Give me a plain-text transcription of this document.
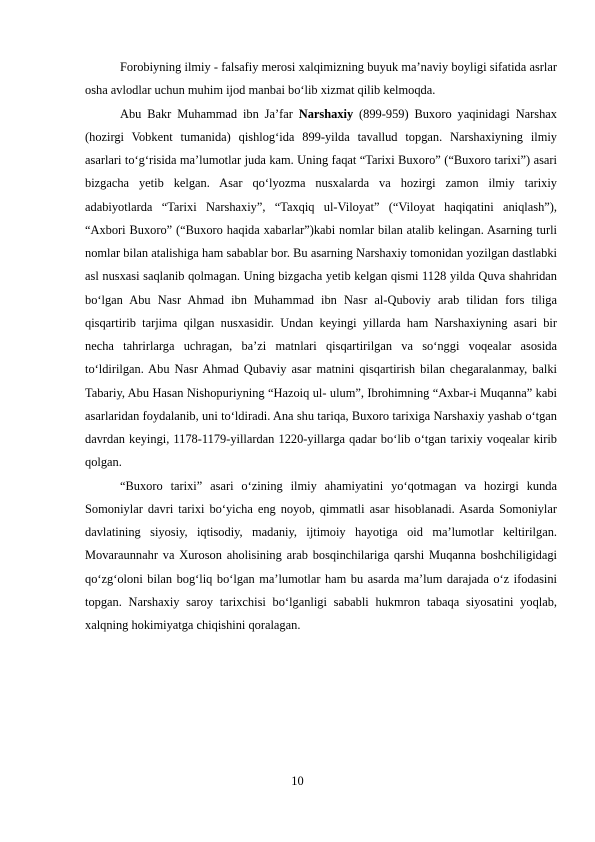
Forobiyning ilmiy - falsafiy merosi xalqimizning buyuk ma’naviy boyligi sifatida asrlar osha avlodlar uchun muhim ijod manbai bo‘lib xizmat qilib kelmoqda.

Abu Bakr Muhammad ibn Ja’far Narshaxiy (899-959) Buxoro yaqinidagi Narshax (hozirgi Vobkent tumanida) qishlog‘ida 899-yilda tavallud topgan. Narshaxiyning ilmiy asarlari to‘g‘risida ma’lumotlar juda kam. Uning faqat “Tarixi Buxoro” (“Buxoro tarixi”) asari bizgacha yetib kelgan. Asar qo‘lyozma nusxalarda va hozirgi zamon ilmiy tarixiy adabiyotlarda “Tarixi Narshaxiy”, “Taxqiq ul-Viloyat” (“Viloyat haqiqatini aniqlash”), “Axbori Buxoro” (“Buxoro haqida xabarlar”)kabi nomlar bilan atalib kelingan. Asarning turli nomlar bilan atalishiga ham sabablar bor. Bu asarning Narshaxiy tomonidan yozilgan dastlabki asl nusxasi saqlanib qolmagan. Uning bizgacha yetib kelgan qismi 1128 yilda Quva shahridan bo‘lgan Abu Nasr Ahmad ibn Muhammad ibn Nasr al-Quboviy arab tilidan fors tiliga qisqartirib tarjima qilgan nusxasidir. Undan keyingi yillarda ham Narshaxiyning asari bir necha tahrirlarga uchragan, ba’zi matnlari qisqartirilgan va so‘nggi voqealar asosida to‘ldirilgan. Abu Nasr Ahmad Qubaviy asar matnini qisqartirish bilan chegaralanmay, balki Tabariy, Abu Hasan Nishopuriyning “Hazoiq ul- ulum”, Ibrohimning “Axbar-i Muqanna” kabi asarlaridan foydalanib, uni to‘ldiradi. Ana shu tariqa, Buxoro tarixiga Narshaxiy yashab o‘tgan davrdan keyingi, 1178-1179-yillardan 1220-yillarga qadar bo‘lib o‘tgan tarixiy voqealar kirib qolgan.

“Buxoro tarixi” asari o‘zining ilmiy ahamiyatini yo‘qotmagan va hozirgi kunda Somoniylar davri tarixi bo‘yicha eng noyob, qimmatli asar hisoblanadi. Asarda Somoniylar davlatining siyosiy, iqtisodiy, madaniy, ijtimoiy hayotiga oid ma’lumotlar keltirilgan. Movaraunnahr va Xuroson aholisining arab bosqinchilariga qarshi Muqanna boshchiligidagi qo‘zg‘oloni bilan bog‘liq bo‘lgan ma’lumotlar ham bu asarda ma’lum darajada o‘z ifodasini topgan. Narshaxiy saroy tarixchisi bo‘lganligi sababli hukmron tabaqa siyosatini yoqlab, xalqning hokimiyatga chiqishini qoralagan.

10
